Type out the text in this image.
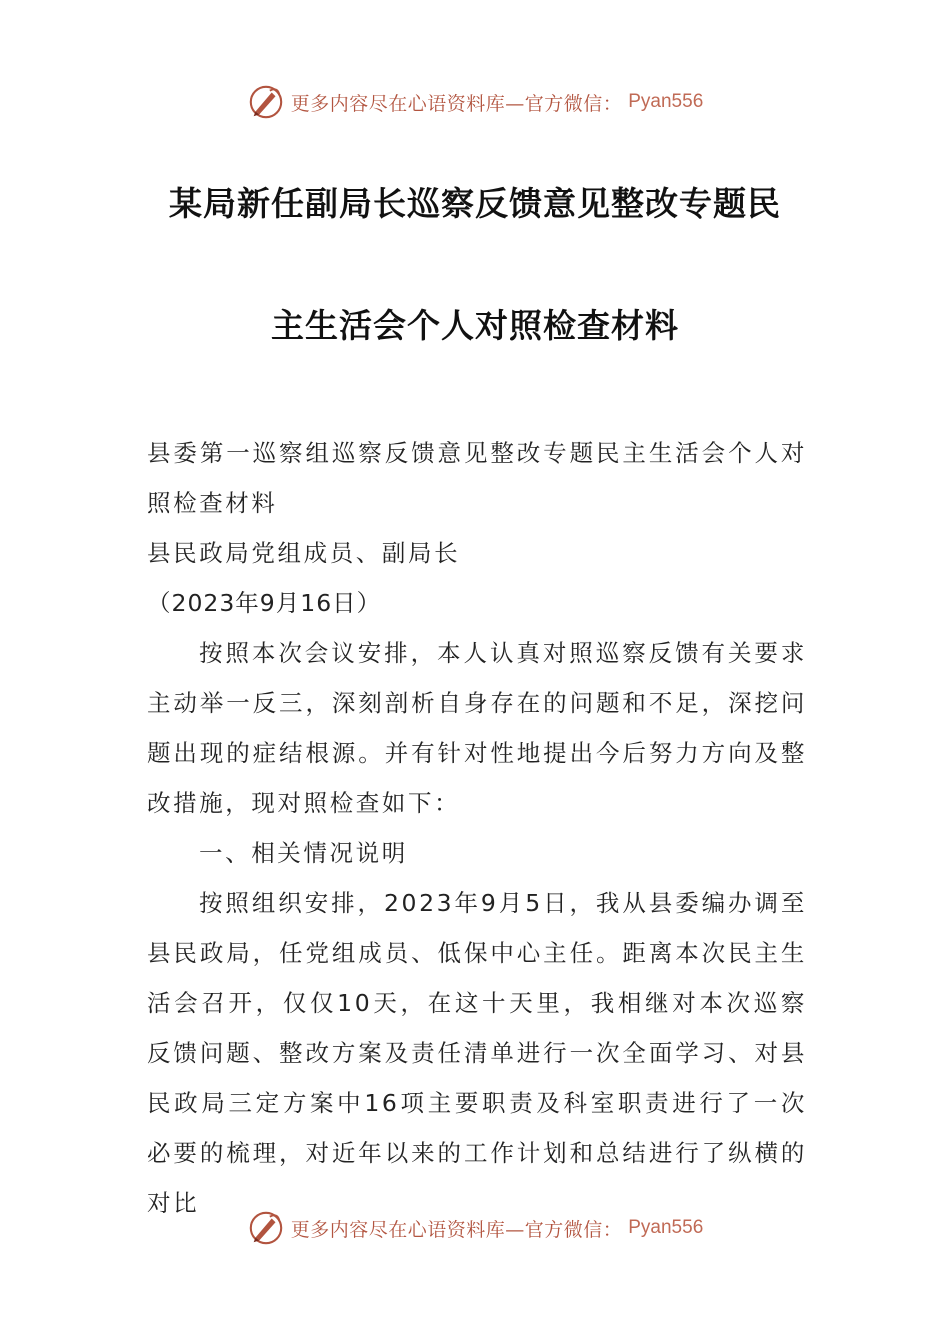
更多内容尽在心语资料库—官方微信： Pyan556
某局新任副局长巡察反馈意见整改专题民
主生活会个人对照检查材料

县委第一巡察组巡察反馈意见整改专题民主生活会个人对照检查材料

县民政局党组成员、副局长

（2023年9月16日）

按照本次会议安排，本人认真对照巡察反馈有关要求主动举一反三，深刻剖析自身存在的问题和不足，深挖问题出现的症结根源。并有针对性地提出今后努力方向及整改措施，现对照检查如下：

一、相关情况说明

按照组织安排，2023年9月5日，我从县委编办调至县民政局，任党组成员、低保中心主任。距离本次民主生活会召开，仅仅10天，在这十天里，我相继对本次巡察反馈问题、整改方案及责任清单进行一次全面学习、对县民政局三定方案中16项主要职责及科室职责进行了一次必要的梳理，对近年以来的工作计划和总结进行了纵横的对比

更多内容尽在心语资料库—官方微信： Pyan556
